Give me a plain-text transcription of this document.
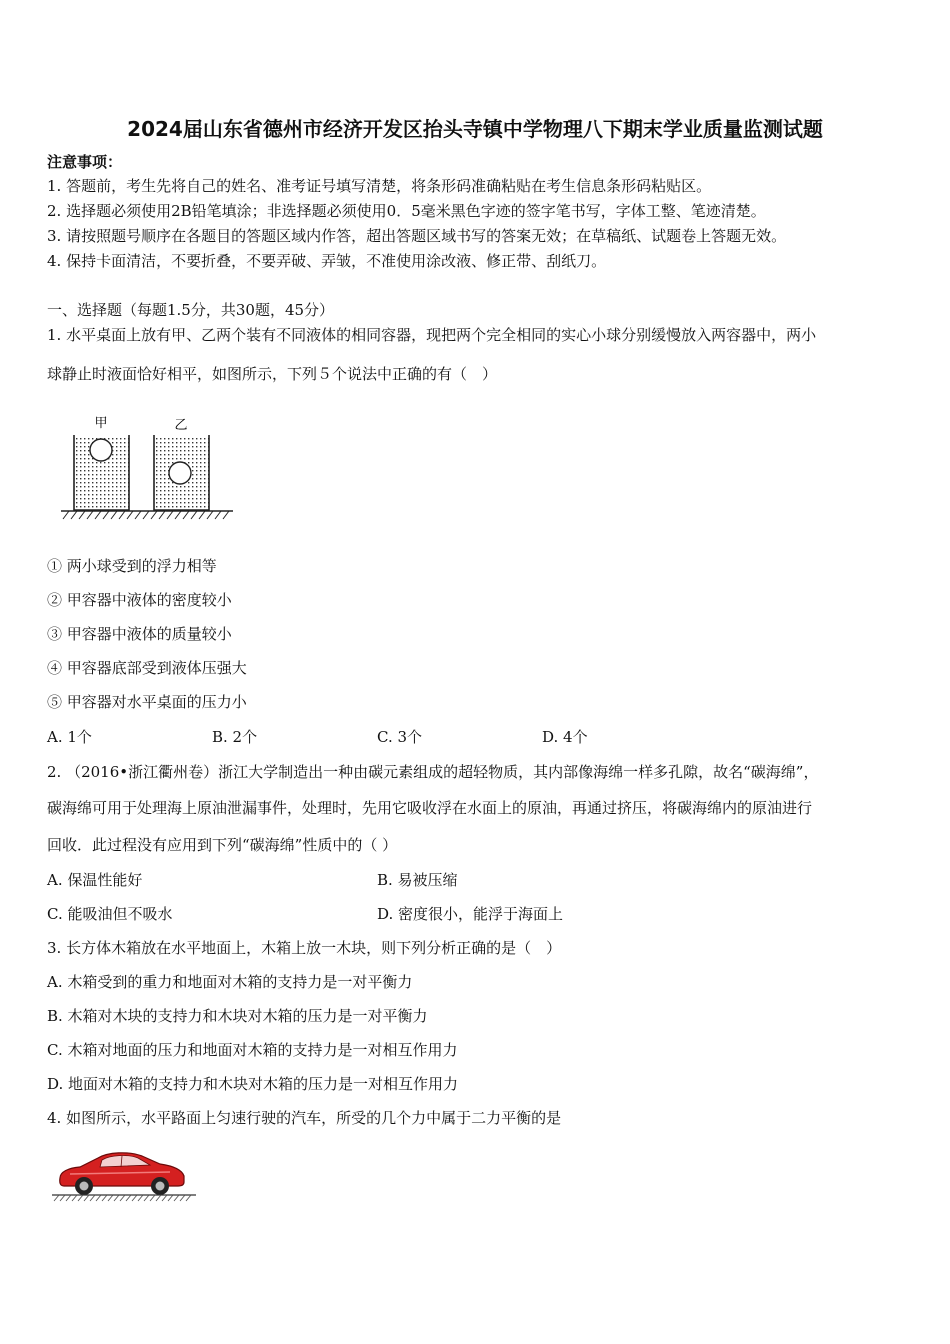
2024届山东省德州市经济开发区抬头寺镇中学物理八下期末学业质量监测试题
注意事项：
1. 答题前，考生先将自己的姓名、准考证号填写清楚，将条形码准确粘贴在考生信息条形码粘贴区。
2. 选择题必须使用2B铅笔填涂；非选择题必须使用0．5毫米黑色字迹的签字笔书写，字体工整、笔迹清楚。
3. 请按照题号顺序在各题目的答题区域内作答，超出答题区域书写的答案无效；在草稿纸、试题卷上答题无效。
4. 保持卡面清洁，不要折叠，不要弄破、弄皱，不准使用涂改液、修正带、刮纸刀。
一、选择题（每题1.5分，共30题，45分）
1. 水平桌面上放有甲、乙两个装有不同液体的相同容器，现把两个完全相同的实心小球分别缓慢放入两容器中，两小
球静止时液面恰好相平，如图所示，下列５个说法中正确的有（　）
甲	乙
① 两小球受到的浮力相等
② 甲容器中液体的密度较小
③ 甲容器中液体的质量较小
④ 甲容器底部受到液体压强大
⑤ 甲容器对水平桌面的压力小
A. 1个	B. 2个	C. 3个	D. 4个
2. （2016•浙江衢州卷）浙江大学制造出一种由碳元素组成的超轻物质，其内部像海绵一样多孔隙，故名“碳海绵”，
碳海绵可用于处理海上原油泄漏事件，处理时，先用它吸收浮在水面上的原油，再通过挤压，将碳海绵内的原油进行
回收．此过程没有应用到下列“碳海绵”性质中的（ ）
A. 保温性能好	B. 易被压缩
C. 能吸油但不吸水	D. 密度很小，能浮于海面上
3. 长方体木箱放在水平地面上，木箱上放一木块，则下列分析正确的是（　）
A. 木箱受到的重力和地面对木箱的支持力是一对平衡力
B. 木箱对木块的支持力和木块对木箱的压力是一对平衡力
C. 木箱对地面的压力和地面对木箱的支持力是一对相互作用力
D. 地面对木箱的支持力和木块对木箱的压力是一对相互作用力
4. 如图所示，水平路面上匀速行驶的汽车，所受的几个力中属于二力平衡的是
